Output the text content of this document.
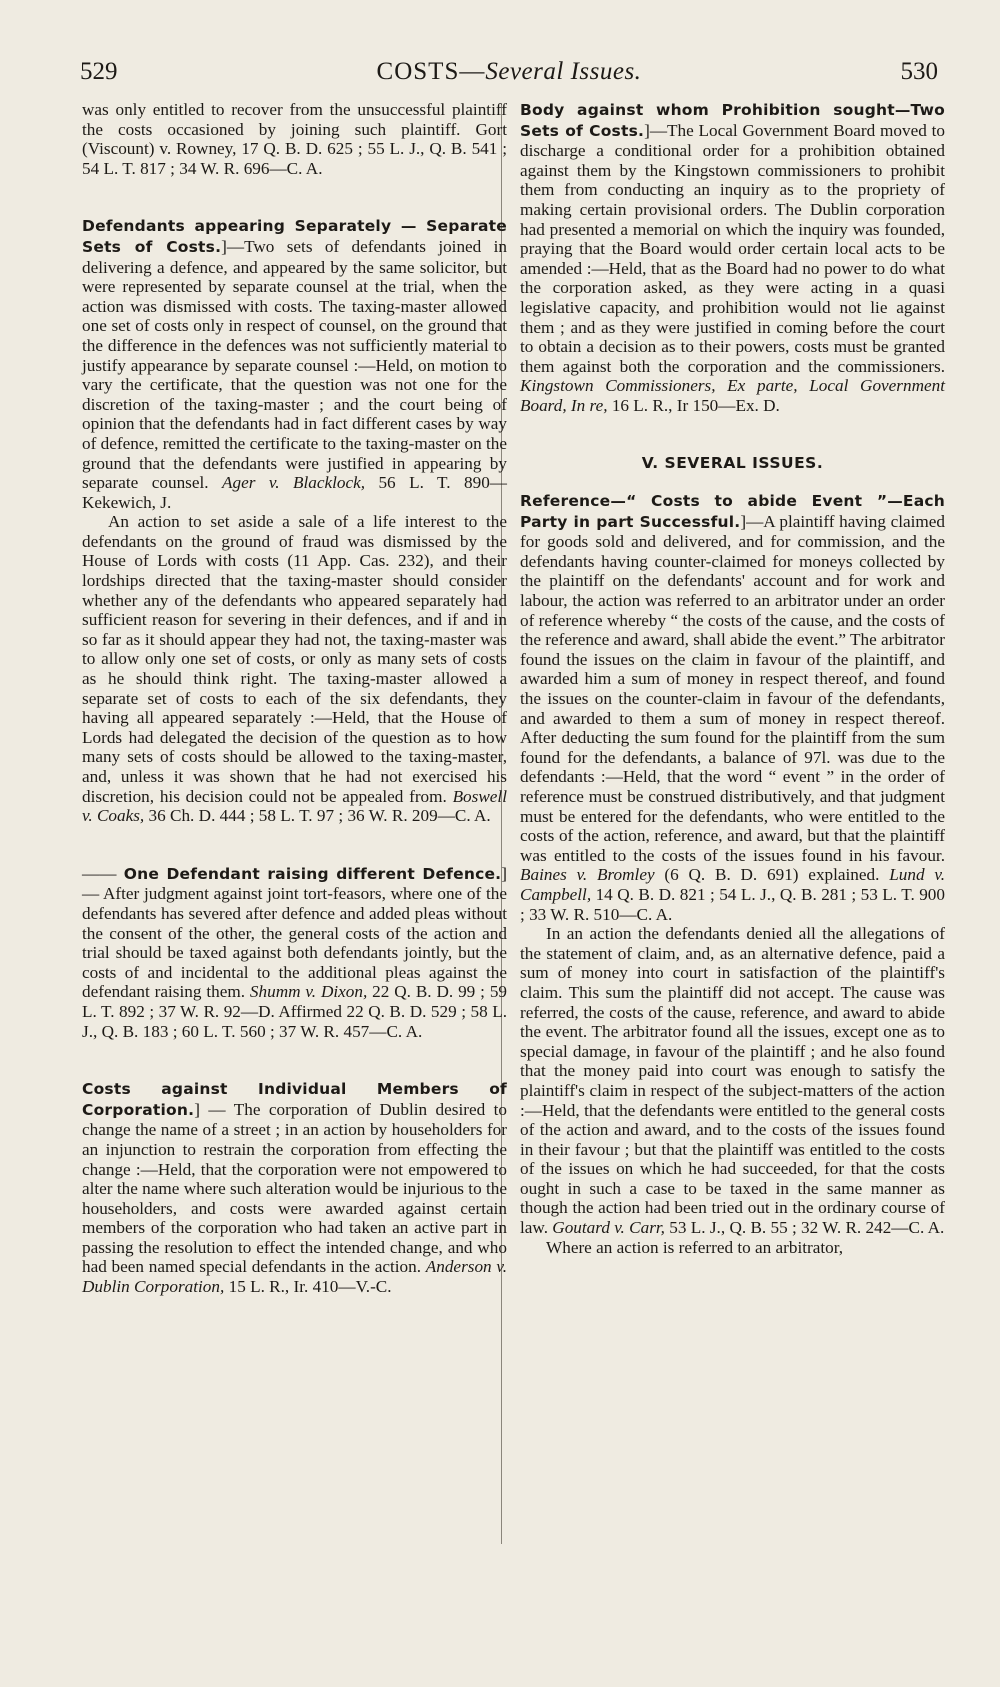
529	COSTS—Several Issues.	530

was only entitled to recover from the unsuccessful plaintiff the costs occasioned by joining such plaintiff. Gort (Viscount) v. Rowney, 17 Q. B. D. 625 ; 55 L. J., Q. B. 541 ; 54 L. T. 817 ; 34 W. R. 696—C. A.

Defendants appearing Separately — Separate Sets of Costs.]—Two sets of defendants joined in delivering a defence, and appeared by the same solicitor, but were represented by separate counsel at the trial, when the action was dismissed with costs. The taxing-master allowed one set of costs only in respect of counsel, on the ground that the difference in the defences was not sufficiently material to justify appearance by separate counsel :—Held, on motion to vary the certificate, that the question was not one for the discretion of the taxing-master ; and the court being of opinion that the defendants had in fact different cases by way of defence, remitted the certificate to the taxing-master on the ground that the defendants were justified in appearing by separate counsel. Ager v. Blacklock, 56 L. T. 890—Kekewich, J.

An action to set aside a sale of a life interest to the defendants on the ground of fraud was dismissed by the House of Lords with costs (11 App. Cas. 232), and their lordships directed that the taxing-master should consider whether any of the defendants who appeared separately had sufficient reason for severing in their defences, and if and in so far as it should appear they had not, the taxing-master was to allow only one set of costs, or only as many sets of costs as he should think right. The taxing-master allowed a separate set of costs to each of the six defendants, they having all appeared separately :—Held, that the House of Lords had delegated the decision of the question as to how many sets of costs should be allowed to the taxing-master, and, unless it was shown that he had not exercised his discretion, his decision could not be appealed from. Boswell v. Coaks, 36 Ch. D. 444 ; 58 L. T. 97 ; 36 W. R. 209—C. A.

—— One Defendant raising different Defence.] — After judgment against joint tort-feasors, where one of the defendants has severed after defence and added pleas without the consent of the other, the general costs of the action and trial should be taxed against both defendants jointly, but the costs of and incidental to the additional pleas against the defendant raising them. Shumm v. Dixon, 22 Q. B. D. 99 ; 59 L. T. 892 ; 37 W. R. 92—D. Affirmed 22 Q. B. D. 529 ; 58 L. J., Q. B. 183 ; 60 L. T. 560 ; 37 W. R. 457—C. A.

Costs against Individual Members of Corporation.] — The corporation of Dublin desired to change the name of a street ; in an action by householders for an injunction to restrain the corporation from effecting the change :—Held, that the corporation were not empowered to alter the name where such alteration would be injurious to the householders, and costs were awarded against certain members of the corporation who had taken an active part in passing the resolution to effect the intended change, and who had been named special defendants in the action. Anderson v. Dublin Corporation, 15 L. R., Ir. 410—V.-C.

Body against whom Prohibition sought—Two Sets of Costs.]—The Local Government Board moved to discharge a conditional order for a prohibition obtained against them by the Kingstown commissioners to prohibit them from conducting an inquiry as to the propriety of making certain provisional orders. The Dublin corporation had presented a memorial on which the inquiry was founded, praying that the Board would order certain local acts to be amended :—Held, that as the Board had no power to do what the corporation asked, as they were acting in a quasi legislative capacity, and prohibition would not lie against them ; and as they were justified in coming before the court to obtain a decision as to their powers, costs must be granted them against both the corporation and the commissioners. Kingstown Commissioners, Ex parte, Local Government Board, In re, 16 L. R., Ir 150—Ex. D.

V. SEVERAL ISSUES.

Reference—“ Costs to abide Event ”—Each Party in part Successful.]—A plaintiff having claimed for goods sold and delivered, and for commission, and the defendants having counter-claimed for moneys collected by the plaintiff on the defendants' account and for work and labour, the action was referred to an arbitrator under an order of reference whereby “ the costs of the cause, and the costs of the reference and award, shall abide the event.” The arbitrator found the issues on the claim in favour of the plaintiff, and awarded him a sum of money in respect thereof, and found the issues on the counter-claim in favour of the defendants, and awarded to them a sum of money in respect thereof. After deducting the sum found for the plaintiff from the sum found for the defendants, a balance of 97l. was due to the defendants :—Held, that the word “ event ” in the order of reference must be construed distributively, and that judgment must be entered for the defendants, who were entitled to the costs of the action, reference, and award, but that the plaintiff was entitled to the costs of the issues found in his favour. Baines v. Bromley (6 Q. B. D. 691) explained. Lund v. Campbell, 14 Q. B. D. 821 ; 54 L. J., Q. B. 281 ; 53 L. T. 900 ; 33 W. R. 510—C. A.

In an action the defendants denied all the allegations of the statement of claim, and, as an alternative defence, paid a sum of money into court in satisfaction of the plaintiff's claim. This sum the plaintiff did not accept. The cause was referred, the costs of the cause, reference, and award to abide the event. The arbitrator found all the issues, except one as to special damage, in favour of the plaintiff ; and he also found that the money paid into court was enough to satisfy the plaintiff's claim in respect of the subject-matters of the action :—Held, that the defendants were entitled to the general costs of the action and award, and to the costs of the issues found in their favour ; but that the plaintiff was entitled to the costs of the issues on which he had succeeded, for that the costs ought in such a case to be taxed in the same manner as though the action had been tried out in the ordinary course of law. Goutard v. Carr, 53 L. J., Q. B. 55 ; 32 W. R. 242—C. A.

Where an action is referred to an arbitrator,
